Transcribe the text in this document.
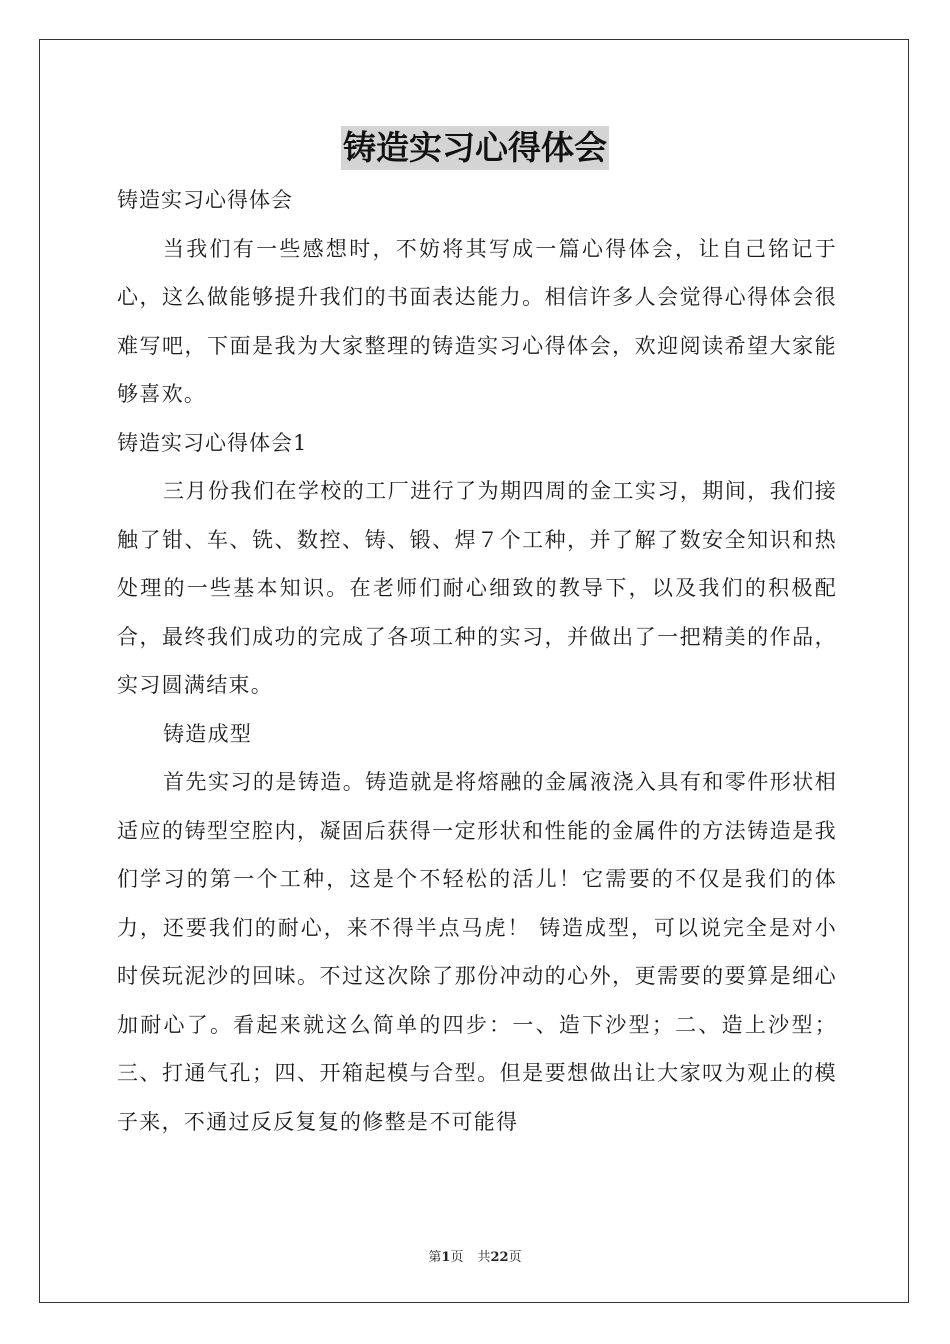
铸造实习心得体会

铸造实习心得体会

当我们有一些感想时，不妨将其写成一篇心得体会，让自己铭记于心，这么做能够提升我们的书面表达能力。相信许多人会觉得心得体会很难写吧，下面是我为大家整理的铸造实习心得体会，欢迎阅读希望大家能够喜欢。

铸造实习心得体会1

三月份我们在学校的工厂进行了为期四周的金工实习，期间，我们接触了钳、车、铣、数控、铸、锻、焊７个工种，并了解了数安全知识和热处理的一些基本知识。在老师们耐心细致的教导下，以及我们的积极配合，最终我们成功的完成了各项工种的实习，并做出了一把精美的作品，实习圆满结束。

铸造成型

首先实习的是铸造。铸造就是将熔融的金属液浇入具有和零件形状相适应的铸型空腔内，凝固后获得一定形状和性能的金属件的方法铸造是我们学习的第一个工种，这是个不轻松的活儿！它需要的不仅是我们的体力，还要我们的耐心，来不得半点马虎！ 铸造成型，可以说完全是对小时侯玩泥沙的回味。不过这次除了那份冲动的心外，更需要的要算是细心加耐心了。看起来就这么简单的四步：一、造下沙型；二、造上沙型；三、打通气孔；四、开箱起模与合型。但是要想做出让大家叹为观止的模子来，不通过反反复复的修整是不可能得

第1页 共22页
